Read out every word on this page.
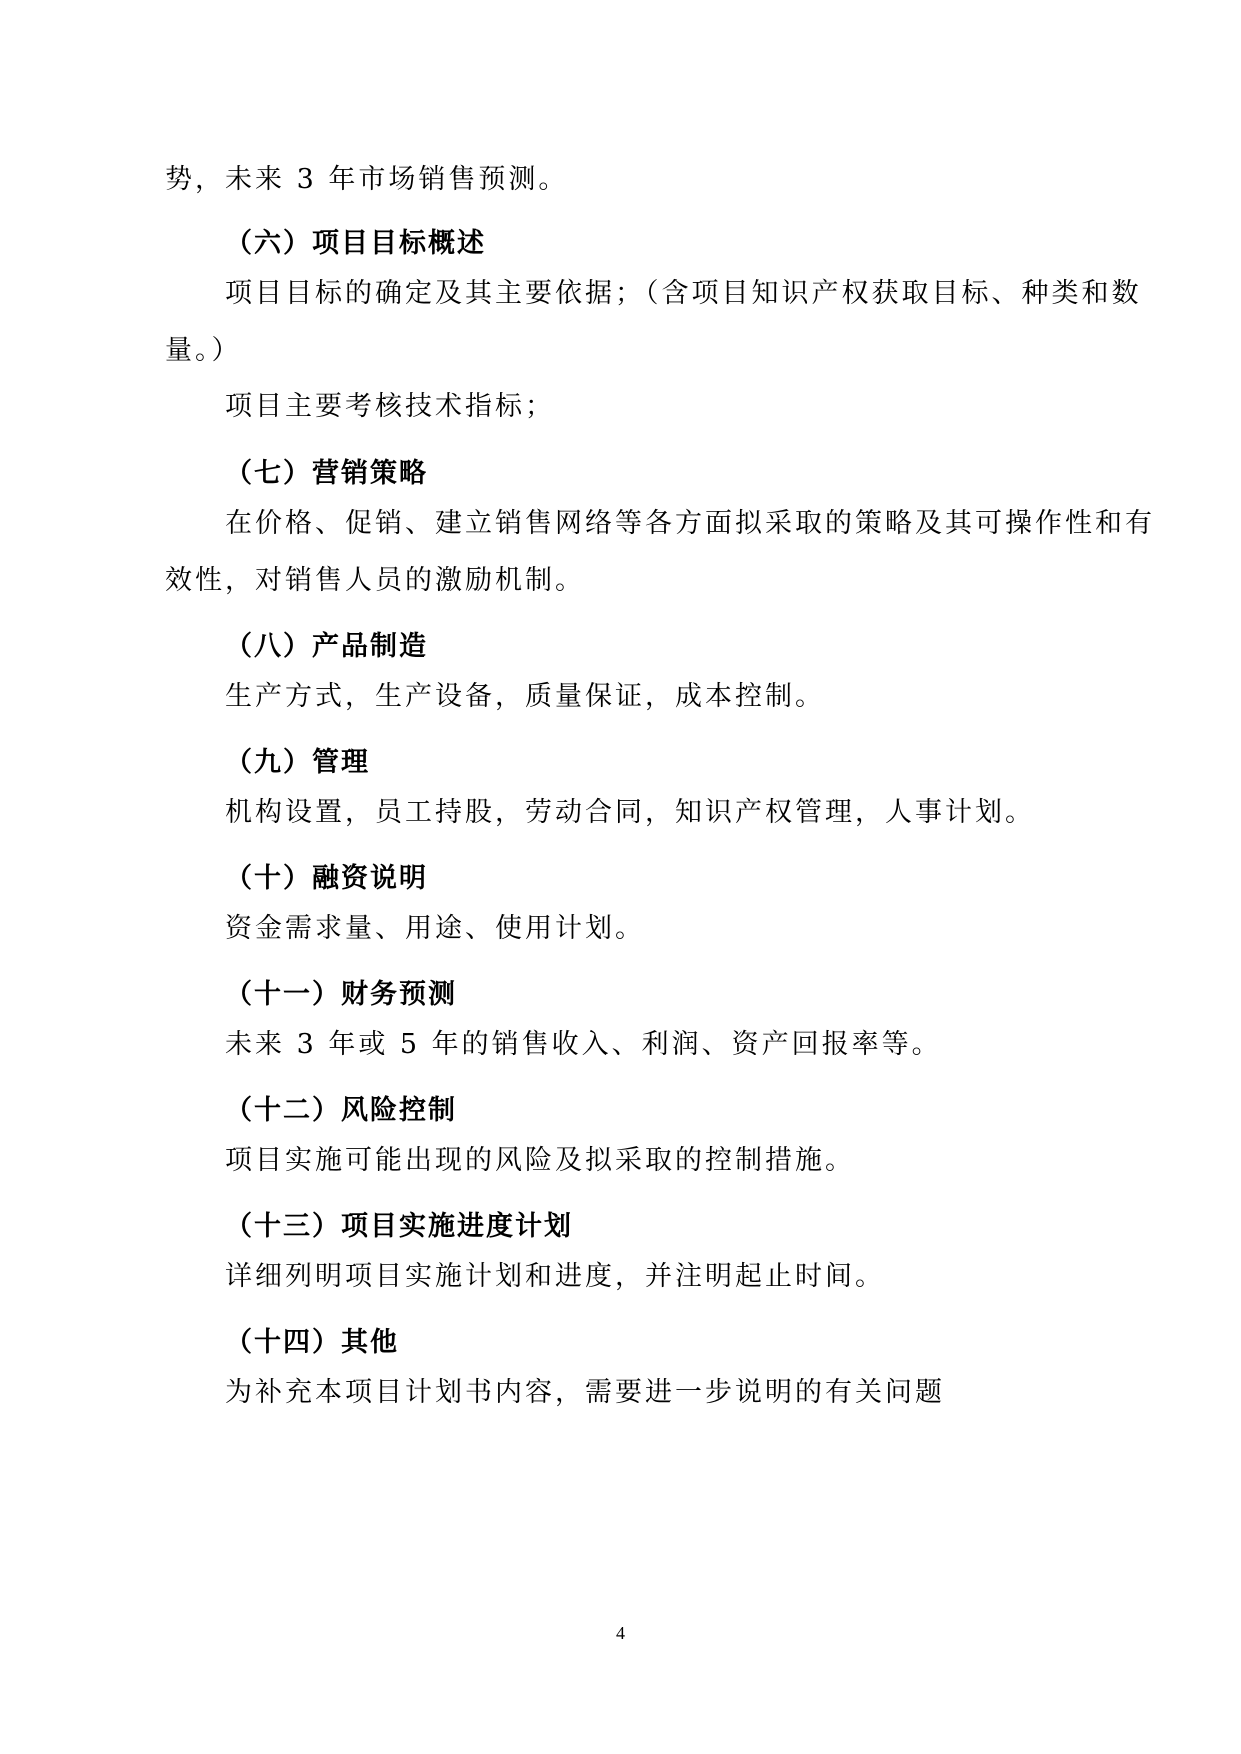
势，未来 3 年市场销售预测。
（六）项目目标概述
项目目标的确定及其主要依据；（含项目知识产权获取目标、种类和数
量。）
项目主要考核技术指标；
（七）营销策略
在价格、促销、建立销售网络等各方面拟采取的策略及其可操作性和有
效性，对销售人员的激励机制。
（八）产品制造
生产方式，生产设备，质量保证，成本控制。
（九）管理
机构设置，员工持股，劳动合同，知识产权管理，人事计划。
（十）融资说明
资金需求量、用途、使用计划。
（十一）财务预测
未来 3 年或 5 年的销售收入、利润、资产回报率等。
（十二）风险控制
项目实施可能出现的风险及拟采取的控制措施。
（十三）项目实施进度计划
详细列明项目实施计划和进度，并注明起止时间。
（十四）其他
为补充本项目计划书内容，需要进一步说明的有关问题
4
